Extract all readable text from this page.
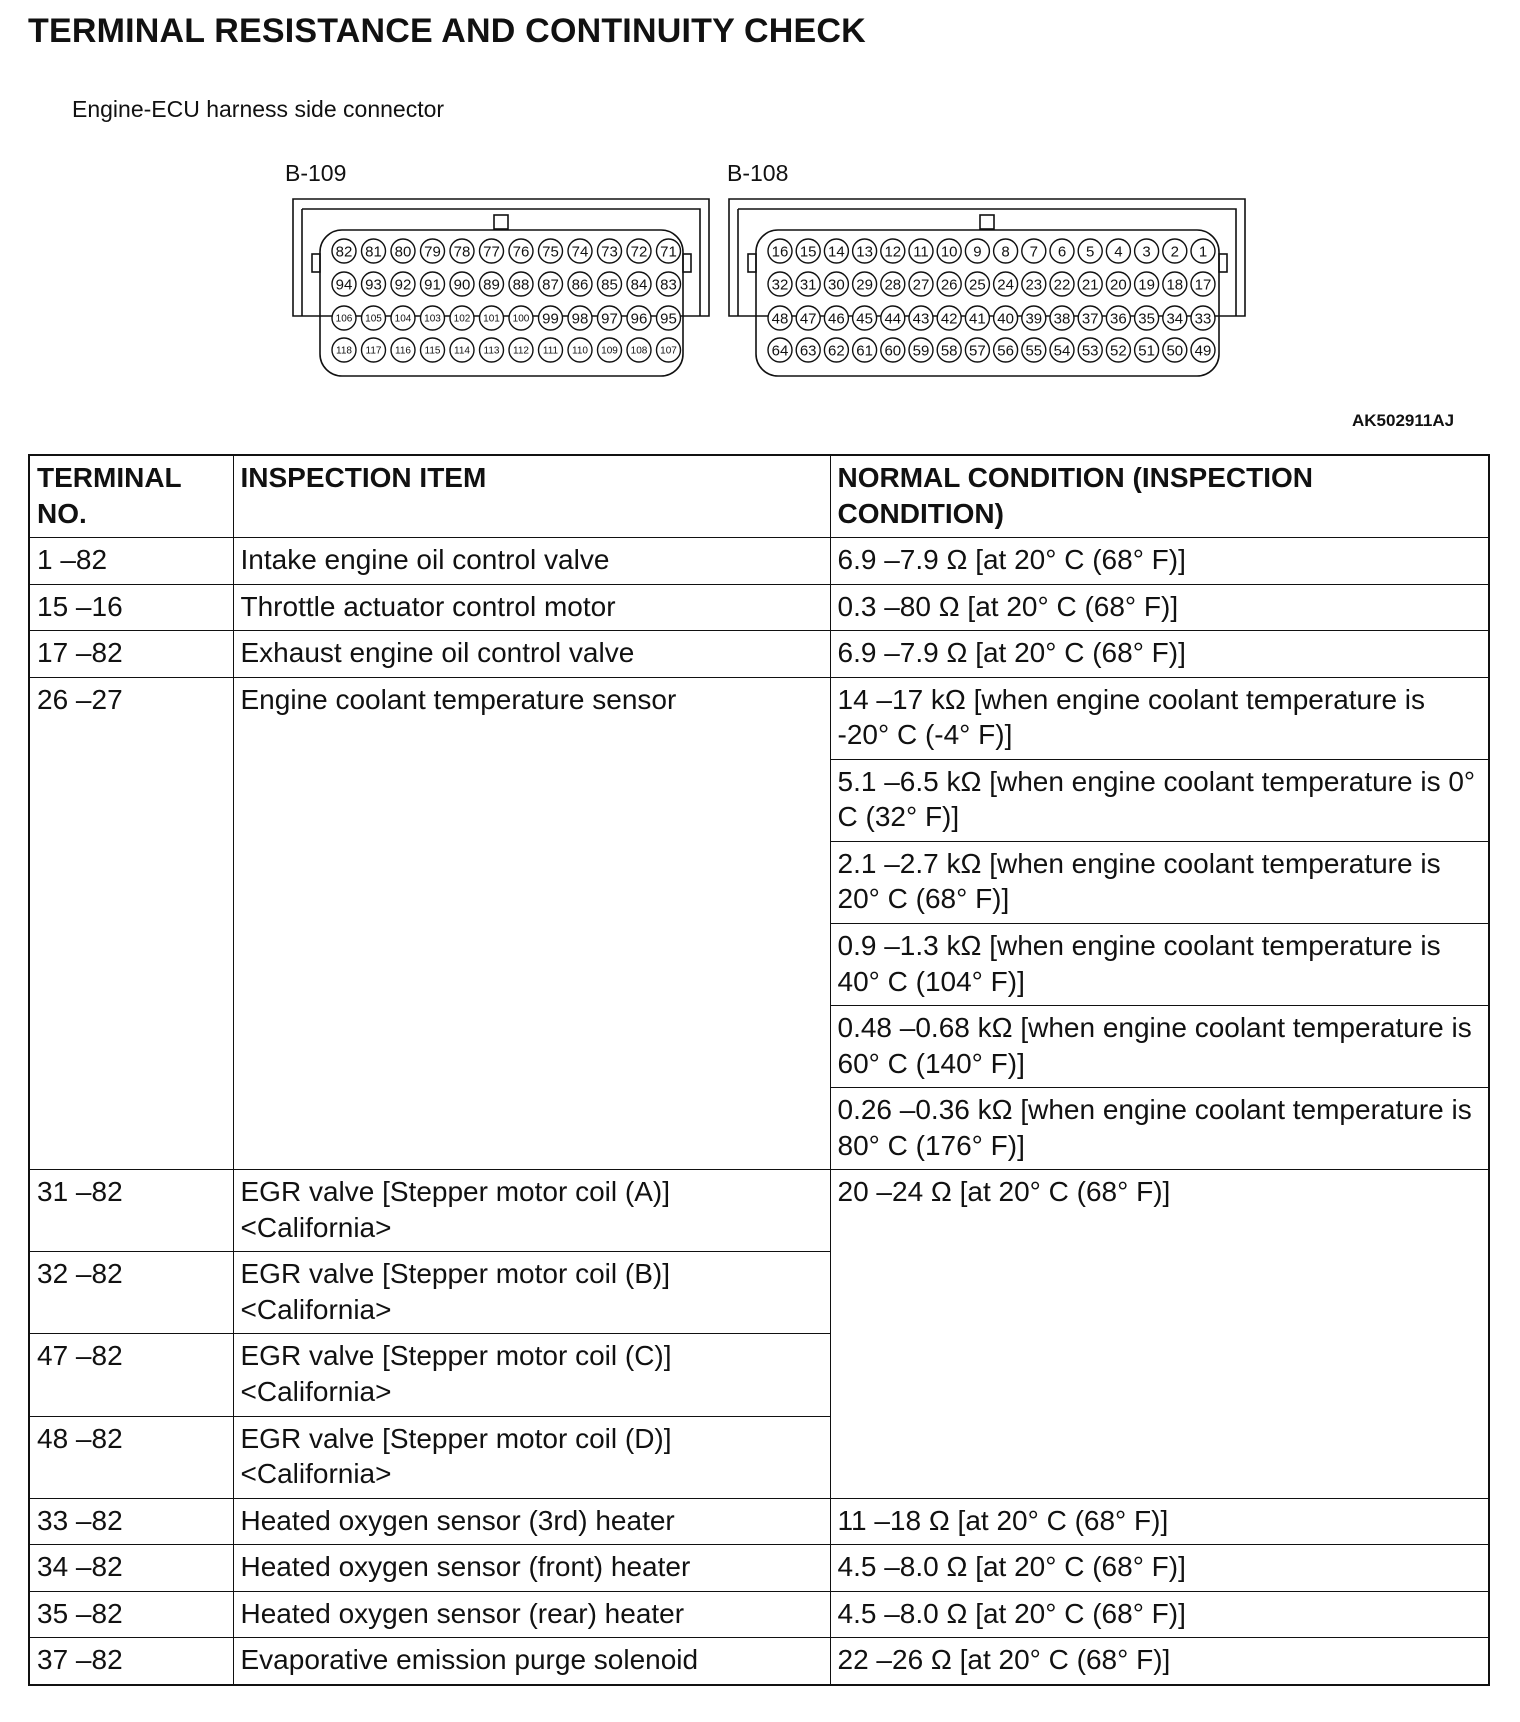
TERMINAL RESISTANCE AND CONTINUITY CHECK
Engine-ECU harness side connector
B-109	B-108
82 81 80 79 78 77 76 75 74 73 72 71
94 93 92 91 90 89 88 87 86 85 84 83
106 105 104 103 102 101 100 99 98 97 96 95
118 117 116 115 114 113 112 111 110 109 108 107
16 15 14 13 12 11 10 9 8 7 6 5 4 3 2 1
32 31 30 29 28 27 26 25 24 23 22 21 20 19 18 17
48 47 46 45 44 43 42 41 40 39 38 37 36 35 34 33
64 63 62 61 60 59 58 57 56 55 54 53 52 51 50 49
AK502911AJ
TERMINAL NO.	INSPECTION ITEM	NORMAL CONDITION (INSPECTION CONDITION)
1 –82	Intake engine oil control valve	6.9 –7.9 Ω [at 20° C (68° F)]
15 –16	Throttle actuator control motor	0.3 –80 Ω [at 20° C (68° F)]
17 –82	Exhaust engine oil control valve	6.9 –7.9 Ω [at 20° C (68° F)]
26 –27	Engine coolant temperature sensor	14 –17 kΩ [when engine coolant temperature is -20° C (-4° F)]
		5.1 –6.5 kΩ [when engine coolant temperature is 0° C (32° F)]
		2.1 –2.7 kΩ [when engine coolant temperature is 20° C (68° F)]
		0.9 –1.3 kΩ [when engine coolant temperature is 40° C (104° F)]
		0.48 –0.68 kΩ [when engine coolant temperature is 60° C (140° F)]
		0.26 –0.36 kΩ [when engine coolant temperature is 80° C (176° F)]
31 –82	EGR valve [Stepper motor coil (A)] <California>	20 –24 Ω [at 20° C (68° F)]
32 –82	EGR valve [Stepper motor coil (B)] <California>	
47 –82	EGR valve [Stepper motor coil (C)] <California>	
48 –82	EGR valve [Stepper motor coil (D)] <California>	
33 –82	Heated oxygen sensor (3rd) heater	11 –18 Ω [at 20° C (68° F)]
34 –82	Heated oxygen sensor (front) heater	4.5 –8.0 Ω [at 20° C (68° F)]
35 –82	Heated oxygen sensor (rear) heater	4.5 –8.0 Ω [at 20° C (68° F)]
37 –82	Evaporative emission purge solenoid	22 –26 Ω [at 20° C (68° F)]
